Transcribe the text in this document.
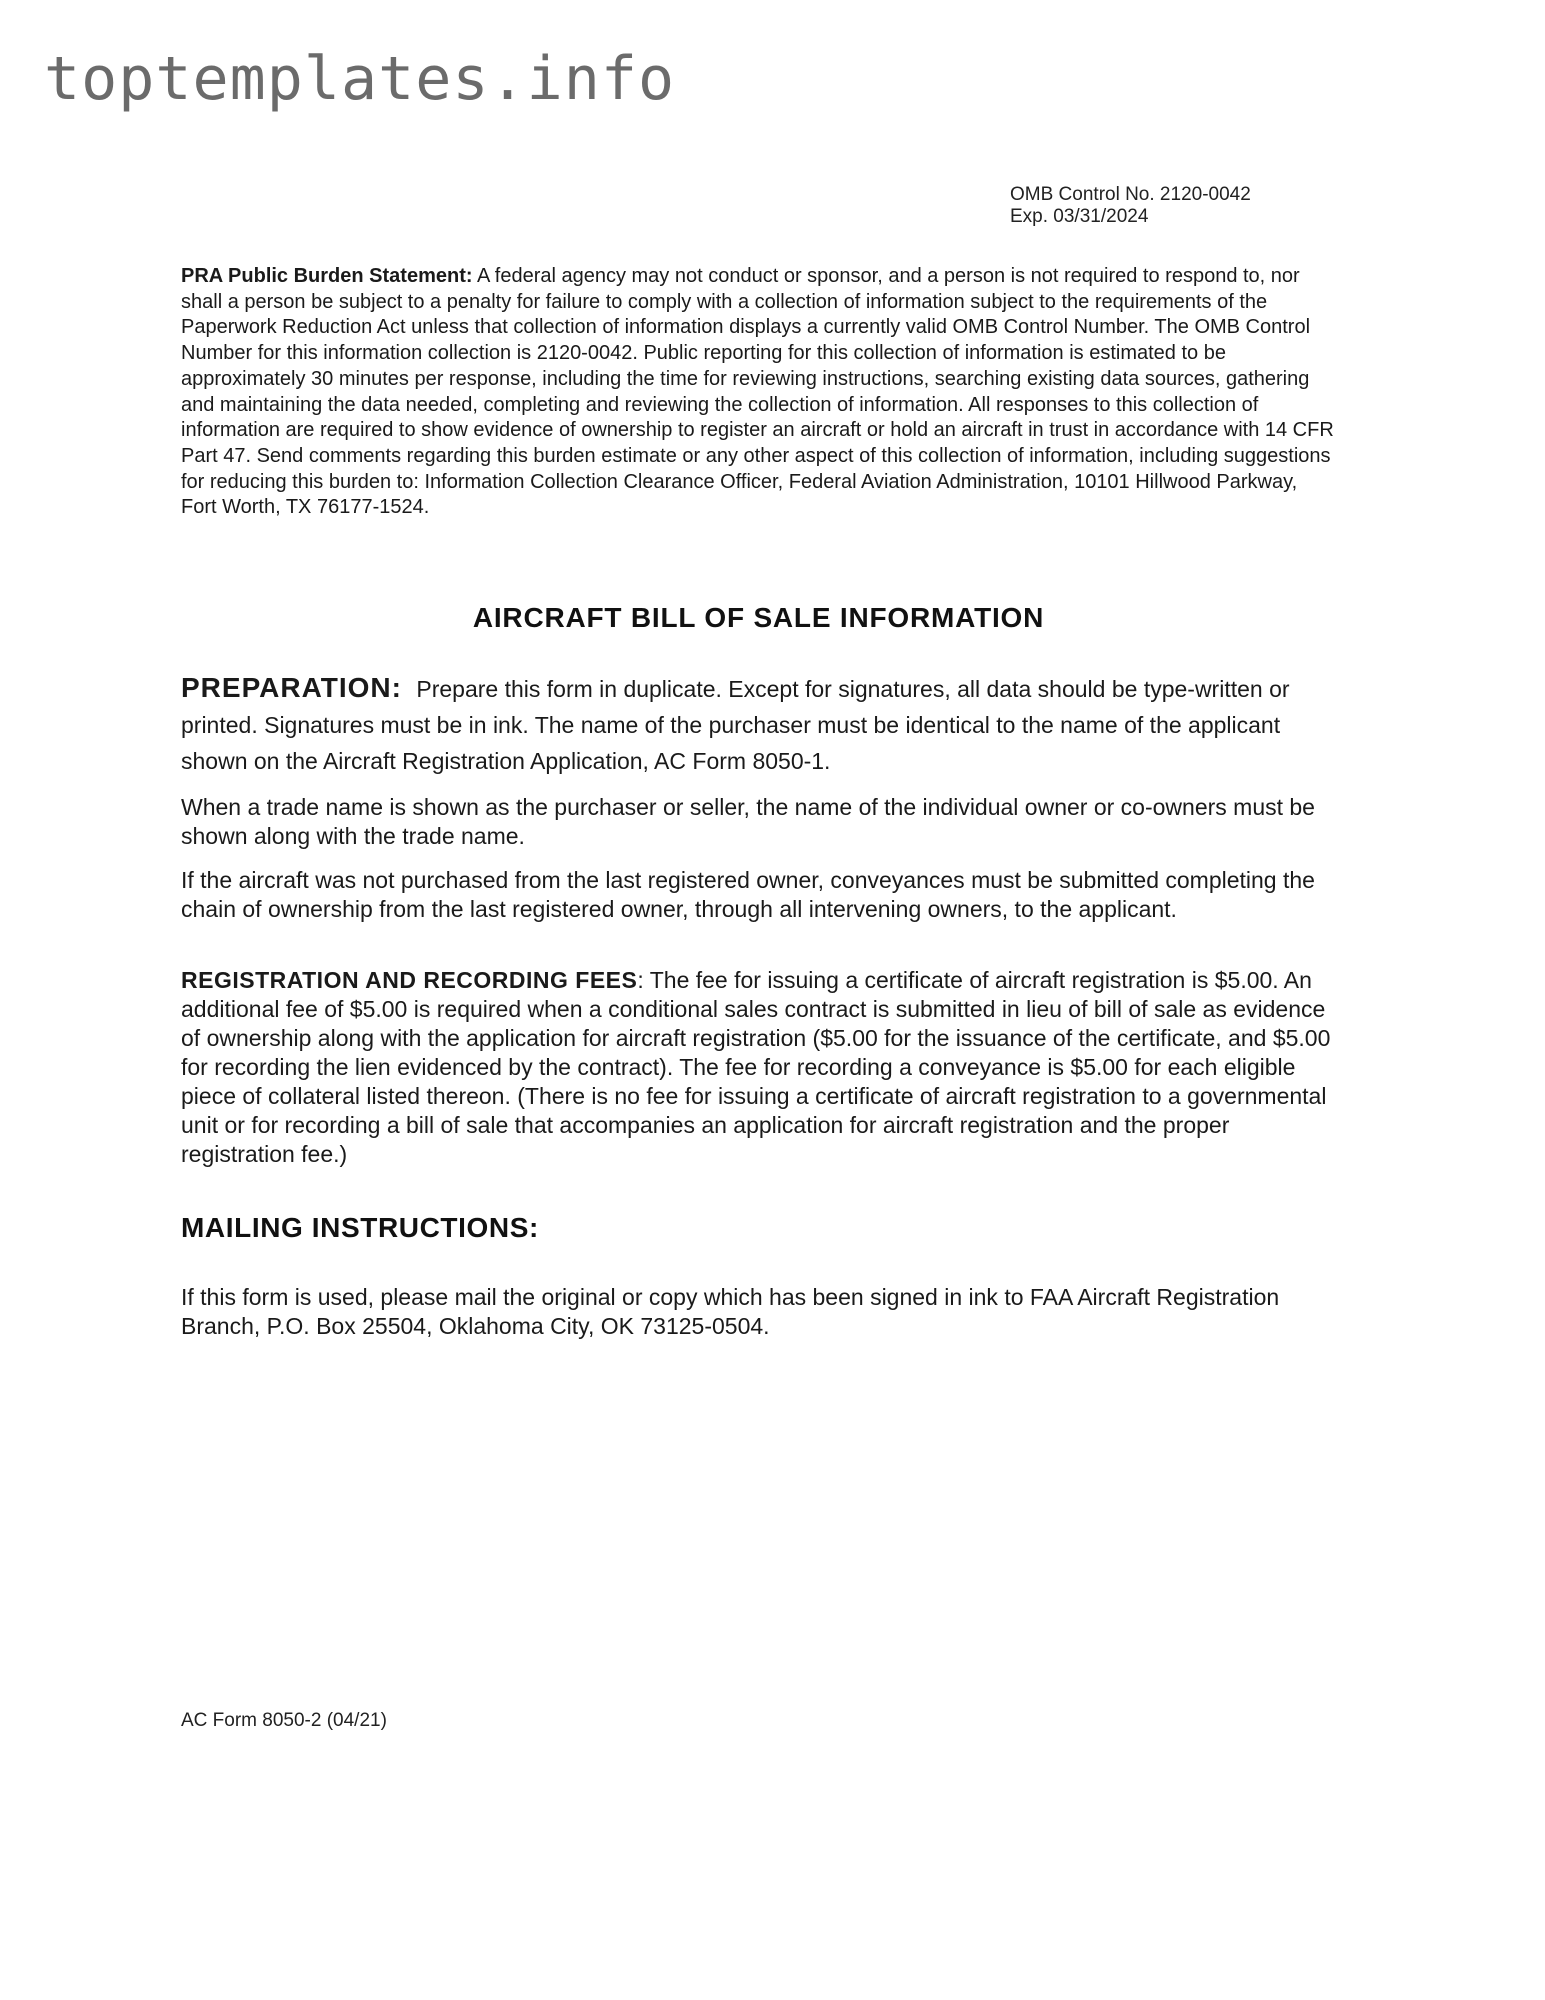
toptemplates.info
OMB Control No. 2120-0042
Exp. 03/31/2024
PRA Public Burden Statement: A federal agency may not conduct or sponsor, and a person is not required to respond to, nor shall a person be subject to a penalty for failure to comply with a collection of information subject to the requirements of the Paperwork Reduction Act unless that collection of information displays a currently valid OMB Control Number. The OMB Control Number for this information collection is 2120-0042. Public reporting for this collection of information is estimated to be approximately 30 minutes per response, including the time for reviewing instructions, searching existing data sources, gathering and maintaining the data needed, completing and reviewing the collection of information. All responses to this collection of information are required to show evidence of ownership to register an aircraft or hold an aircraft in trust in accordance with 14 CFR Part 47. Send comments regarding this burden estimate or any other aspect of this collection of information, including suggestions for reducing this burden to: Information Collection Clearance Officer, Federal Aviation Administration, 10101 Hillwood Parkway, Fort Worth, TX 76177-1524.
AIRCRAFT BILL OF SALE INFORMATION
PREPARATION: Prepare this form in duplicate. Except for signatures, all data should be type-written or printed. Signatures must be in ink. The name of the purchaser must be identical to the name of the applicant shown on the Aircraft Registration Application, AC Form 8050-1.
When a trade name is shown as the purchaser or seller, the name of the individual owner or co-owners must be shown along with the trade name.
If the aircraft was not purchased from the last registered owner, conveyances must be submitted completing the chain of ownership from the last registered owner, through all intervening owners, to the applicant.
REGISTRATION AND RECORDING FEES: The fee for issuing a certificate of aircraft registration is $5.00. An additional fee of $5.00 is required when a conditional sales contract is submitted in lieu of bill of sale as evidence of ownership along with the application for aircraft registration ($5.00 for the issuance of the certificate, and $5.00 for recording the lien evidenced by the contract). The fee for recording a conveyance is $5.00 for each eligible piece of collateral listed thereon. (There is no fee for issuing a certificate of aircraft registration to a governmental unit or for recording a bill of sale that accompanies an application for aircraft registration and the proper registration fee.)
MAILING INSTRUCTIONS:
If this form is used, please mail the original or copy which has been signed in ink to FAA Aircraft Registration Branch, P.O. Box 25504, Oklahoma City, OK 73125-0504.
AC Form 8050-2 (04/21)
